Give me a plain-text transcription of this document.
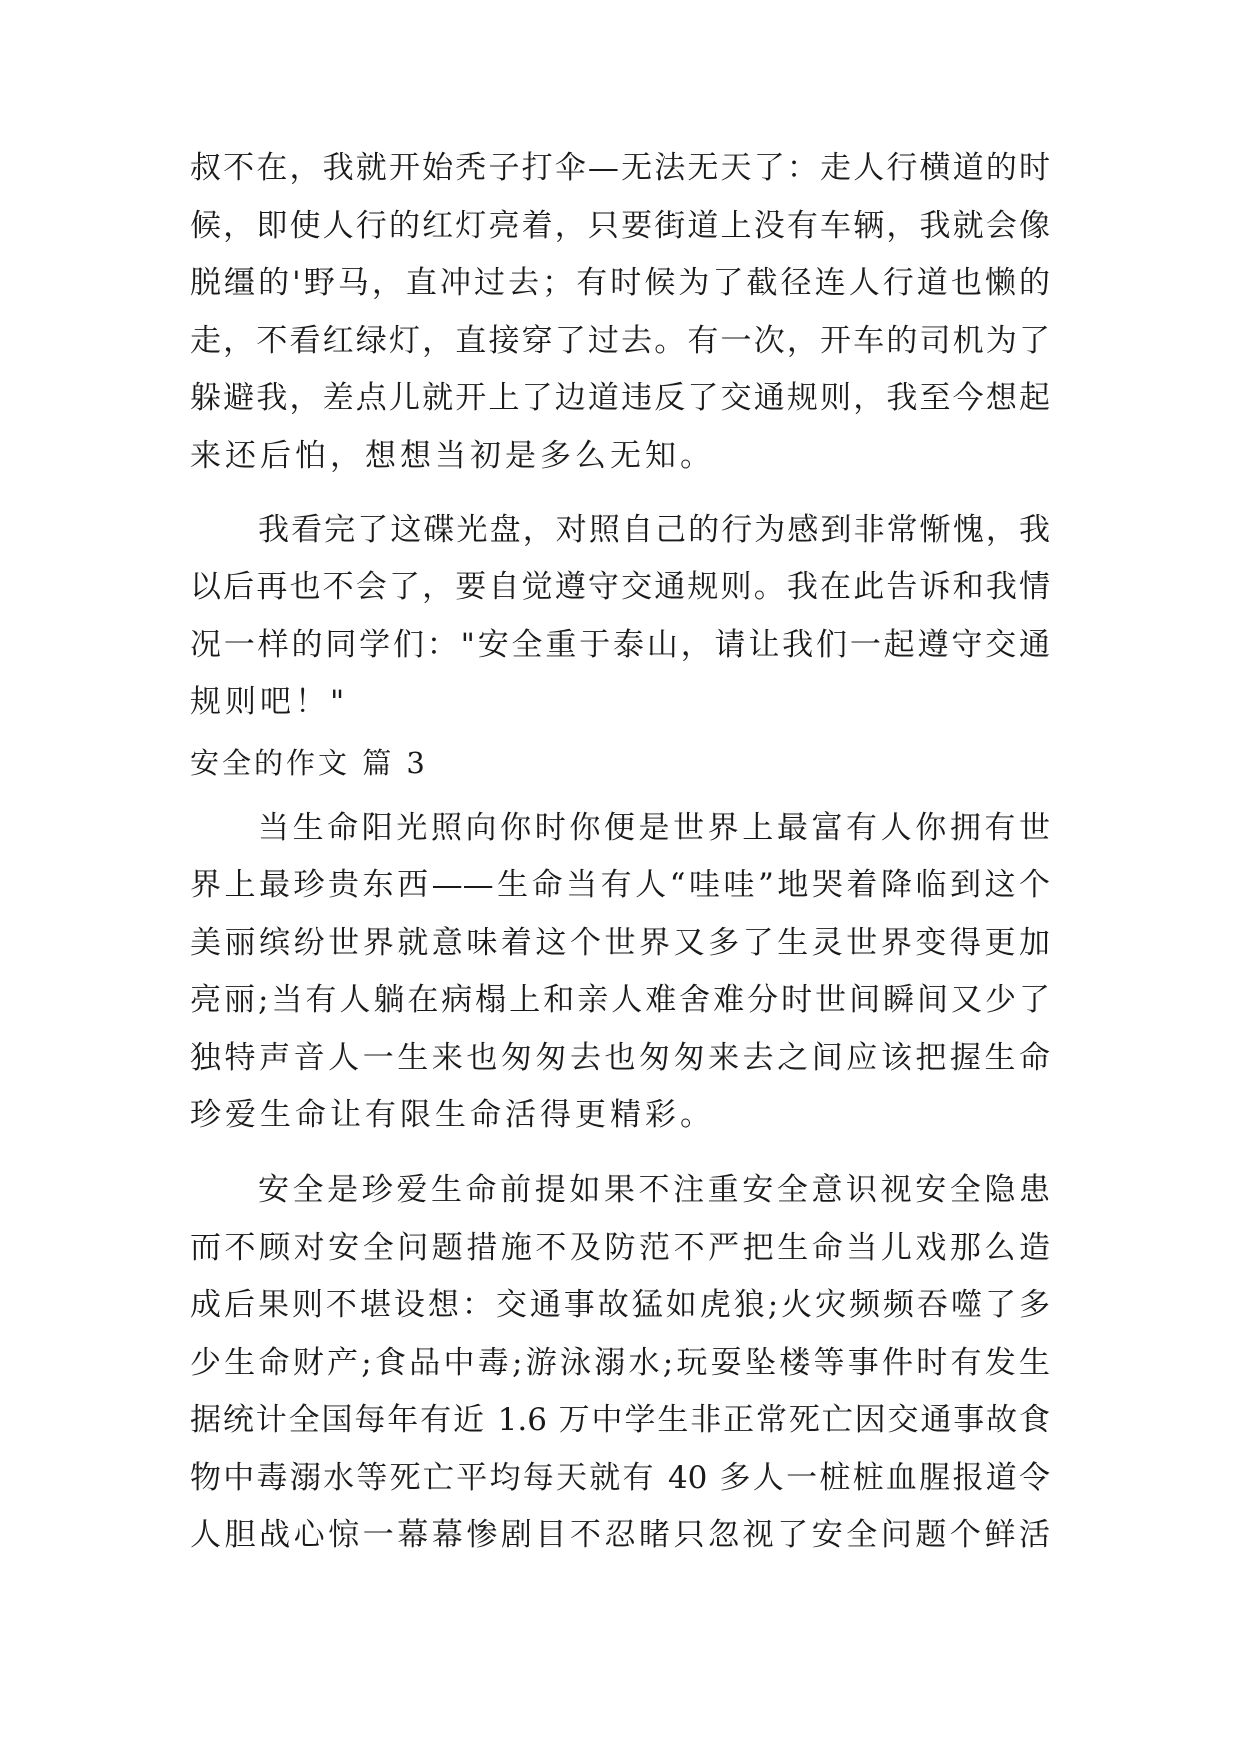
叔不在，我就开始秃子打伞—无法无天了：走人行横道的时
候，即使人行的红灯亮着，只要街道上没有车辆，我就会像
脱缰的'野马，直冲过去；有时候为了截径连人行道也懒的
走，不看红绿灯，直接穿了过去。有一次，开车的司机为了
躲避我，差点儿就开上了边道违反了交通规则，我至今想起
来还后怕，想想当初是多么无知。
我看完了这碟光盘，对照自己的行为感到非常惭愧，我
以后再也不会了，要自觉遵守交通规则。我在此告诉和我情
况一样的同学们："安全重于泰山，请让我们一起遵守交通
规则吧！"
安全的作文 篇 3
当生命阳光照向你时你便是世界上最富有人你拥有世
界上最珍贵东西——生命当有人“哇哇”地哭着降临到这个
美丽缤纷世界就意味着这个世界又多了生灵世界变得更加
亮丽;当有人躺在病榻上和亲人难舍难分时世间瞬间又少了
独特声音人一生来也匆匆去也匆匆来去之间应该把握生命
珍爱生命让有限生命活得更精彩。
安全是珍爱生命前提如果不注重安全意识视安全隐患
而不顾对安全问题措施不及防范不严把生命当儿戏那么造
成后果则不堪设想：交通事故猛如虎狼;火灾频频吞噬了多
少生命财产;食品中毒;游泳溺水;玩耍坠楼等事件时有发生
据统计全国每年有近 1.6 万中学生非正常死亡因交通事故食
物中毒溺水等死亡平均每天就有 40 多人一桩桩血腥报道令
人胆战心惊一幕幕惨剧目不忍睹只忽视了安全问题个鲜活
